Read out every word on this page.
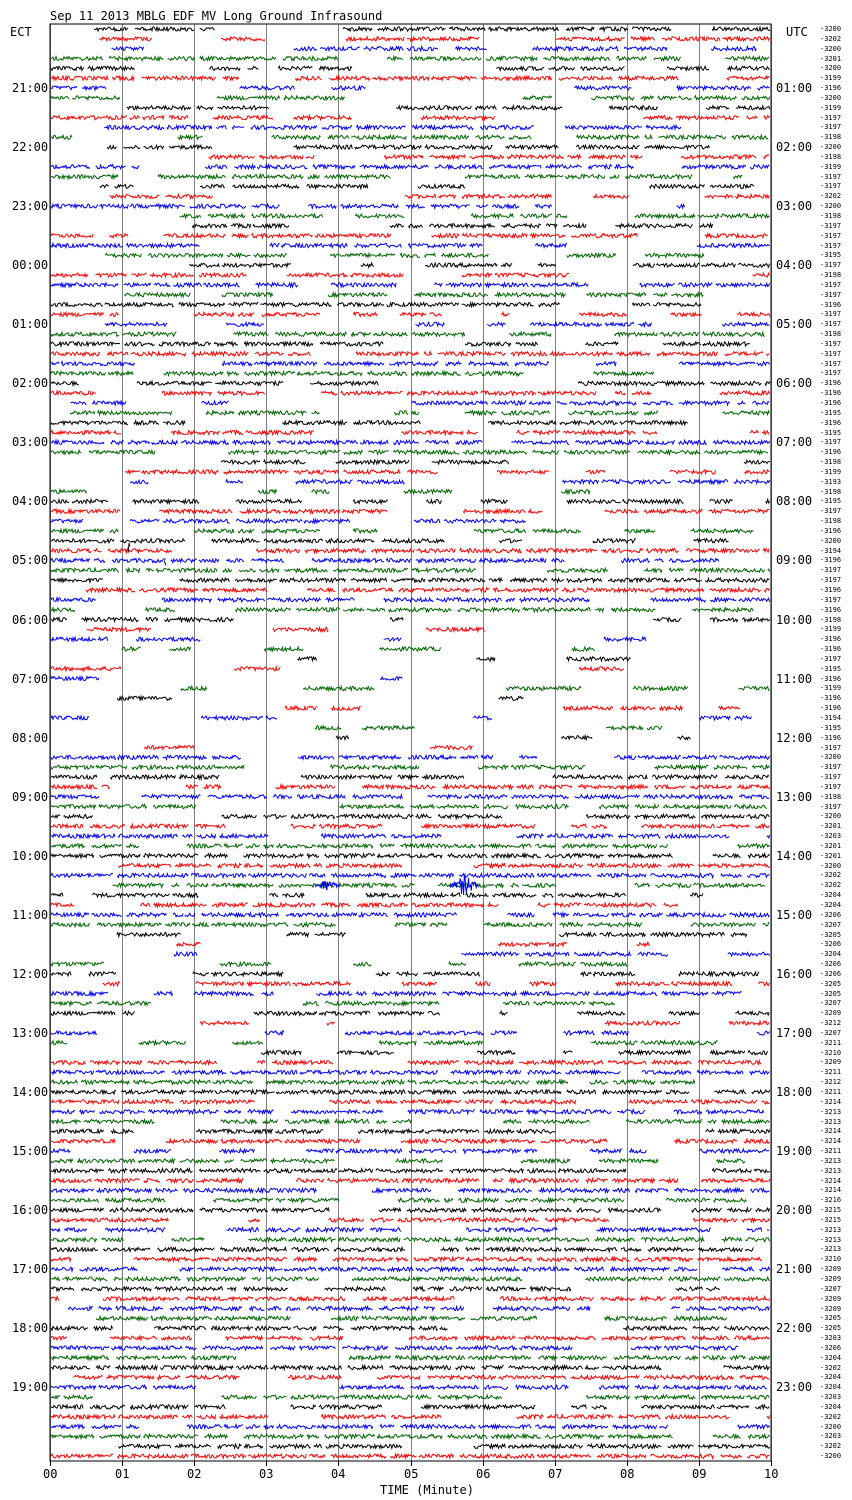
Sep 11 2013 MBLG EDF MV Long Ground Infrasound
ECT	UTC
21:00
22:00
23:00
00:00
01:00
02:00
03:00
04:00
05:00
06:00
07:00
08:00
09:00
10:00
11:00
12:00
13:00
14:00
15:00
16:00
17:00
18:00
19:00
01:00
02:00
03:00
04:00
05:00
06:00
07:00
08:00
09:00
10:00
11:00
12:00
13:00
14:00
15:00
16:00
17:00
18:00
19:00
20:00
21:00
22:00
23:00
-3200
-3202
-3200
-3201
-3200
-3199
-3196
-3200
-3199
-3197
-3197
-3198
-3200
-3198
-3199
-3197
-3197
-3202
-3200
-3198
-3197
-3197
-3197
-3195
-3197
-3198
-3197
-3197
-3196
-3197
-3197
-3198
-3197
-3197
-3197
-3197
-3196
-3196
-3196
-3195
-3196
-3195
-3197
-3196
-3198
-3199
-3193
-3198
-3195
-3197
-3198
-3196
-3200
-3194
-3196
-3197
-3197
-3196
-3197
-3196
-3198
-3199
-3196
-3196
-3197
-3195
-3196
-3199
-3196
-3196
-3194
-3195
-3196
-3197
-3200
-3197
-3197
-3197
-3198
-3197
-3200
-3201
-3203
-3201
-3201
-3200
-3202
-3202
-3204
-3204
-3206
-3207
-3205
-3206
-3204
-3206
-3206
-3205
-3205
-3207
-3209
-3212
-3207
-3211
-3210
-3209
-3211
-3212
-3211
-3214
-3213
-3213
-3214
-3214
-3211
-3213
-3213
-3214
-3214
-3216
-3215
-3215
-3213
-3213
-3213
-3210
-3209
-3209
-3207
-3209
-3209
-3205
-3205
-3203
-3206
-3204
-3202
-3204
-3204
-3203
-3204
-3202
-3200
-3203
-3202
-3200
00	01	02	03	04	05	06	07	08	09	10
TIME (Minute)
